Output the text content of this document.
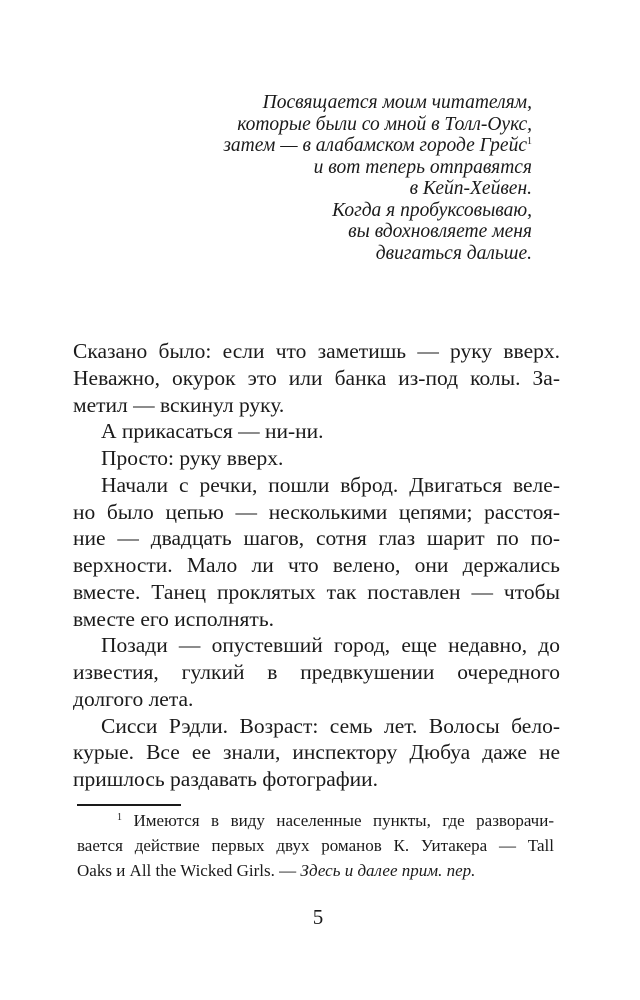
Посвящается моим читателям,
которые были со мной в Толл-Оукс,
затем — в алабамском городе Грейс$^1$
и вот теперь отправятся
в Кейп-Хейвен.
Когда я пробуксовываю,
вы вдохновляете меня
двигаться дальше.
Сказано было: если что заметишь — руку вверх.
Неважно, окурок это или банка из-под колы. За-
метил — вскинул руку.
А прикасаться — ни-ни.
Просто: руку вверх.
Начали с речки, пошли вброд. Двигаться веле-
но было цепью — несколькими цепями; расстоя-
ние — двадцать шагов, сотня глаз шарит по по-
верхности. Мало ли что велено, они держались
вместе. Танец проклятых так поставлен — чтобы
вместе его исполнять.
Позади — опустевший город, еще недавно, до
известия, гулкий в предвкушении очередного
долгого лета.
Сисси Рэдли. Возраст: семь лет. Волосы бело-
курые. Все ее знали, инспектору Дюбуа даже не
пришлось раздавать фотографии.
$^1$ Имеются в виду населенные пункты, где разворачи-
вается действие первых двух романов К. Уитакера — Tall
Oaks и All the Wicked Girls. — Здесь и далее прим. пер.
5
